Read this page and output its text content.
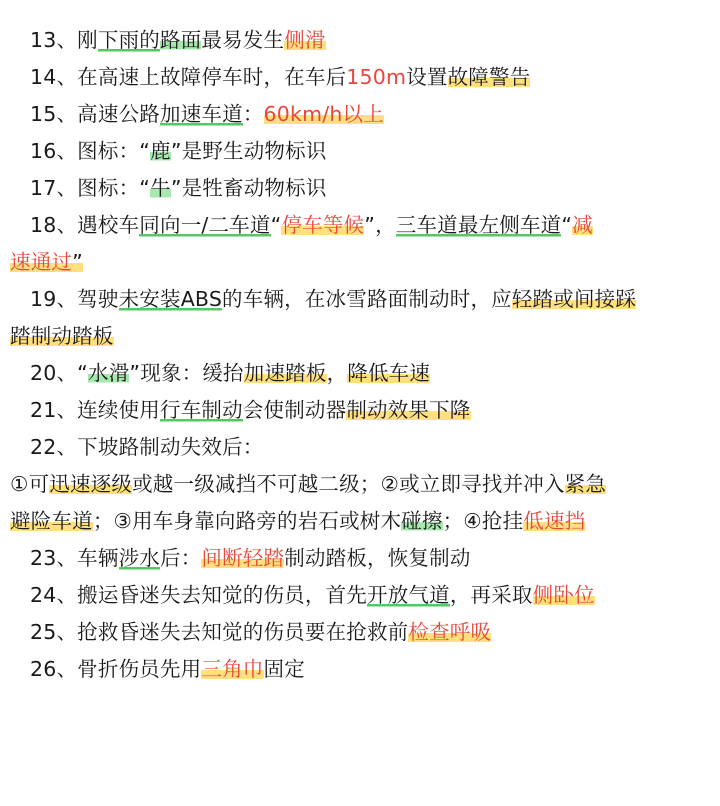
13、刚下雨的路面最易发生侧滑
14、在高速上故障停车时，在车后150m设置故障警告
15、高速公路加速车道：60km/h以上
16、图标：“鹿”是野生动物标识
17、图标：“牛”是牲畜动物标识
18、遇校车同向一/二车道“停车等候”，三车道最左侧车道“减
速通过”
19、驾驶未安装ABS的车辆，在冰雪路面制动时，应轻踏或间接踩
踏制动踏板
20、“水滑”现象：缓抬加速踏板，降低车速
21、连续使用行车制动会使制动器制动效果下降
22、下坡路制动失效后：
①可迅速逐级或越一级减挡不可越二级；②或立即寻找并冲入紧急
避险车道；③用车身靠向路旁的岩石或树木碰擦；④抢挂低速挡
23、车辆涉水后：间断轻踏制动踏板，恢复制动
24、搬运昏迷失去知觉的伤员，首先开放气道，再采取侧卧位
25、抢救昏迷失去知觉的伤员要在抢救前检查呼吸
26、骨折伤员先用三角巾固定
